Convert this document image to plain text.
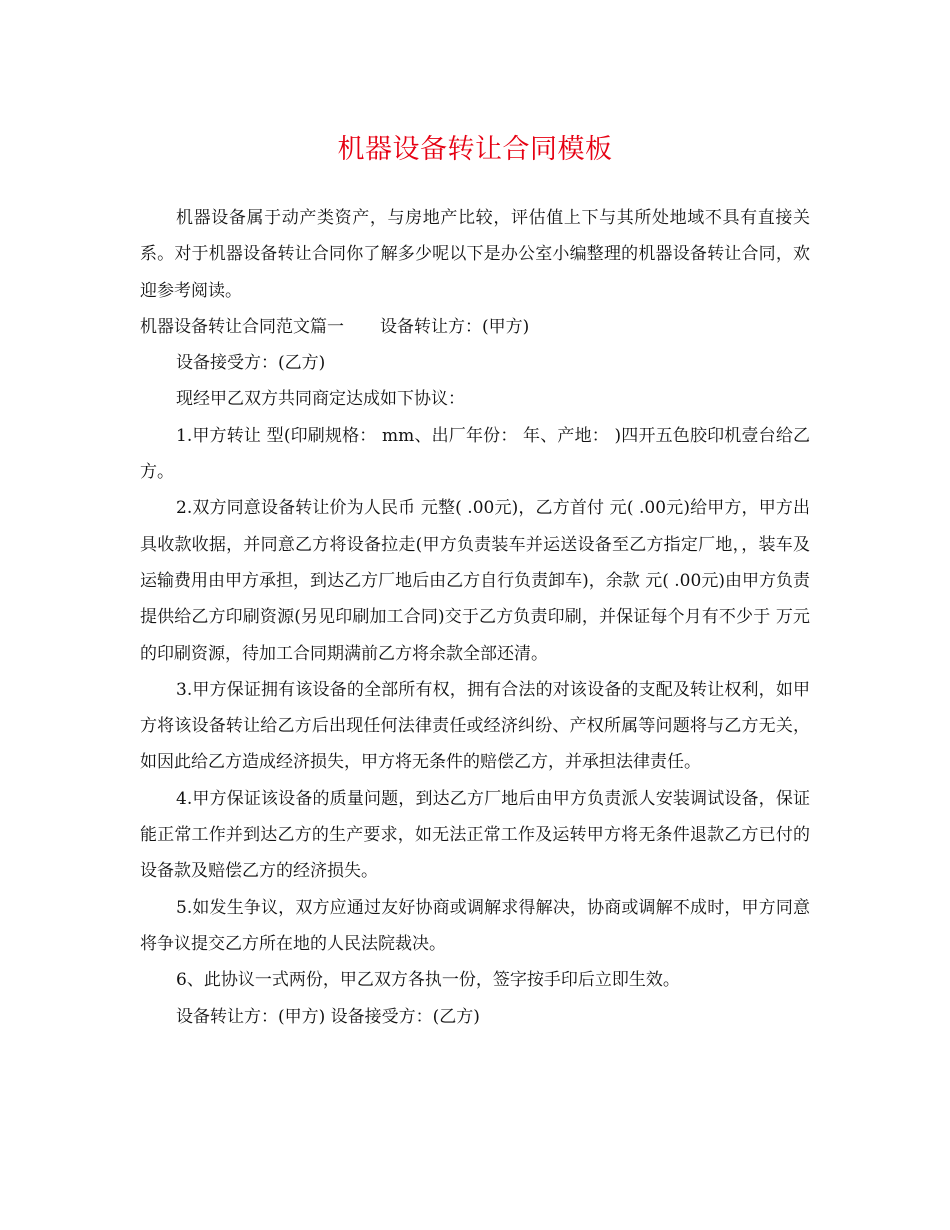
机器设备转让合同模板

机器设备属于动产类资产，与房地产比较，评估值上下与其所处地域不具有直接关系。对于机器设备转让合同你了解多少呢以下是办公室小编整理的机器设备转让合同，欢迎参考阅读。

机器设备转让合同范文篇一 设备转让方：(甲方)

设备接受方：(乙方)

现经甲乙双方共同商定达成如下协议：

1.甲方转让 型(印刷规格： mm、出厂年份： 年、产地： )四开五色胶印机壹台给乙方。

2.双方同意设备转让价为人民币 元整( .00元)，乙方首付 元( .00元)给甲方，甲方出具收款收据，并同意乙方将设备拉走(甲方负责装车并运送设备至乙方指定厂地，，装车及运输费用由甲方承担，到达乙方厂地后由乙方自行负责卸车)，余款 元( .00元)由甲方负责提供给乙方印刷资源(另见印刷加工合同)交于乙方负责印刷，并保证每个月有不少于 万元的印刷资源，待加工合同期满前乙方将余款全部还清。

3.甲方保证拥有该设备的全部所有权，拥有合法的对该设备的支配及转让权利，如甲方将该设备转让给乙方后出现任何法律责任或经济纠纷、产权所属等问题将与乙方无关，如因此给乙方造成经济损失，甲方将无条件的赔偿乙方，并承担法律责任。

4.甲方保证该设备的质量问题，到达乙方厂地后由甲方负责派人安装调试设备，保证能正常工作并到达乙方的生产要求，如无法正常工作及运转甲方将无条件退款乙方已付的设备款及赔偿乙方的经济损失。

5.如发生争议，双方应通过友好协商或调解求得解决，协商或调解不成时，甲方同意将争议提交乙方所在地的人民法院裁决。

6、此协议一式两份，甲乙双方各执一份，签字按手印后立即生效。

设备转让方：(甲方) 设备接受方：(乙方)
